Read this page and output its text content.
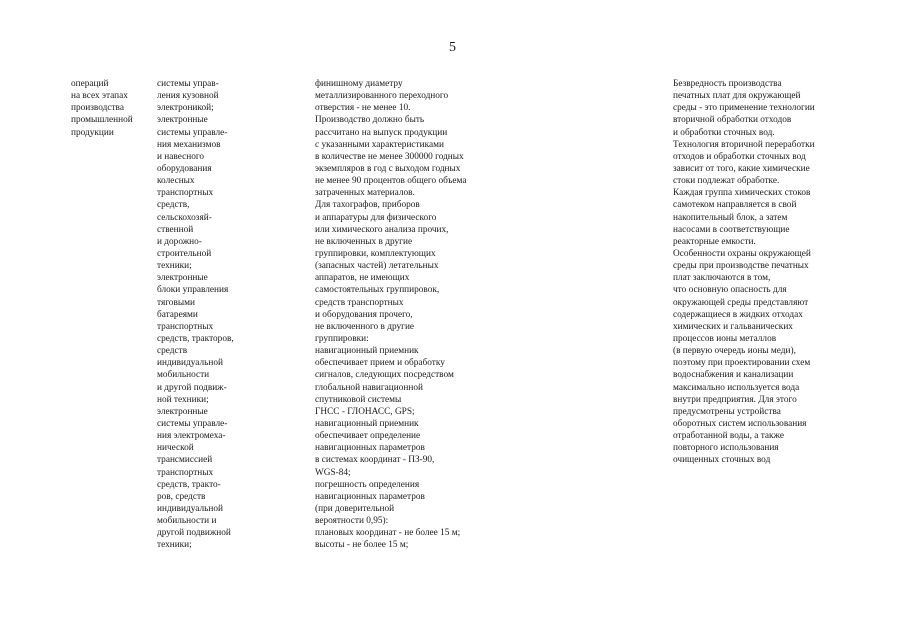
5
операций
на всех этапах
производства
промышленной
продукции
системы управ-
ления кузовной
электроникой;
электронные
системы управле-
ния механизмов
и навесного
оборудования
колесных
транспортных
средств,
сельскохозяй-
ственной
и дорожно-
строительной
техники;
электронные
блоки управления
тяговыми
батареями
транспортных
средств, тракторов,
средств
индивидуальной
мобильности
и другой подвиж-
ной техники;
электронные
системы управле-
ния электромеха-
нической
трансмиссией
транспортных
средств, тракто-
ров, средств
индивидуальной
мобильности и
другой подвижной
техники;
финишному диаметру
металлизированного переходного
отверстия - не менее 10.
Производство должно быть
рассчитано на выпуск продукции
с указанными характеристиками
в количестве не менее 300000 годных
экземпляров в год с выходом годных
не менее 90 процентов общего объема
затраченных материалов.
Для тахографов, приборов
и аппаратуры для физического
или химического анализа прочих,
не включенных в другие
группировки, комплектующих
(запасных частей) летательных
аппаратов, не имеющих
самостоятельных группировок,
средств транспортных
и оборудования прочего,
не включенного в другие
группировки:
навигационный приемник
обеспечивает прием и обработку
сигналов, следующих посредством
глобальной навигационной
спутниковой системы
ГНСС - ГЛОНАСС, GPS;
навигационный приемник
обеспечивает определение
навигационных параметров
в системах координат - ПЗ-90,
WGS-84;
погрешность определения
навигационных параметров
(при доверительной
вероятности 0,95):
плановых координат - не более 15 м;
высоты - не более 15 м;
Безвредность производства
печатных плат для окружающей
среды - это применение технологии
вторичной обработки отходов
и обработки сточных вод.
Технология вторичной переработки
отходов и обработки сточных вод
зависит от того, какие химические
стоки подлежат обработке.
Каждая группа химических стоков
самотеком направляется в свой
накопительный блок, а затем
насосами в соответствующие
реакторные емкости.
Особенности охраны окружающей
среды при производстве печатных
плат заключаются в том,
что основную опасность для
окружающей среды представляют
содержащиеся в жидких отходах
химических и гальванических
процессов ионы металлов
(в первую очередь ионы меди),
поэтому при проектировании схем
водоснабжения и канализации
максимально используется вода
внутри предприятия. Для этого
предусмотрены устройства
оборотных систем использования
отработанной воды, а также
повторного использования
очищенных сточных вод
